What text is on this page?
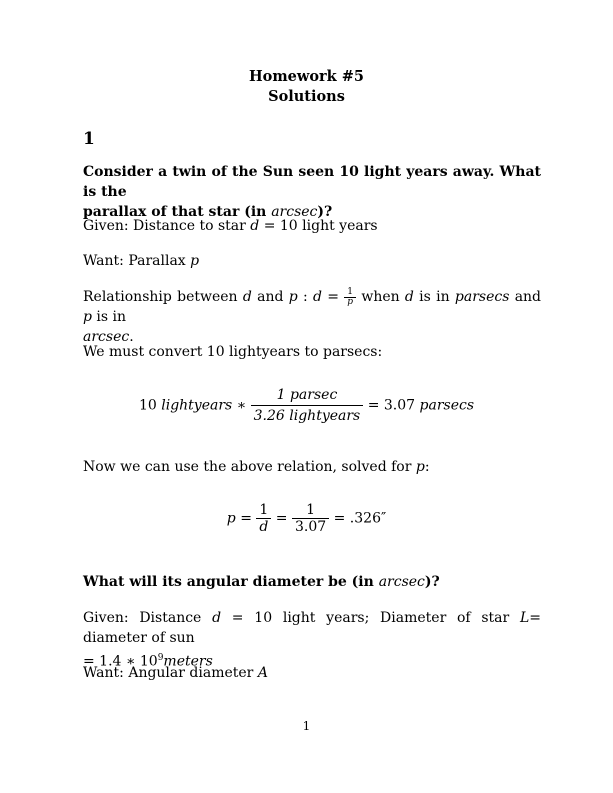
Homework #5
Solutions
1
Consider a twin of the Sun seen 10 light years away. What is the
parallax of that star (in arcsec)?
Given: Distance to star d = 10 light years
Want: Parallax p
Relationship between d and p : $d = \frac{1}{p}$ when d is in parsecs and p is in
arcsec.
We must convert 10 lightyears to parsecs:
10 lightyears ∗ $\frac{\text{1 parsec}}{\text{3.26 lightyears}} = 3.07$ parsecs
Now we can use the above relation, solved for p:
$p = \frac{1}{d} = \frac{1}{3.07} = .326''$
What will its angular diameter be (in arcsec)?
Given: Distance d = 10 light years; Diameter of star L= diameter of sun
= 1.4 ∗ $10^9meters$
Want: Angular diameter A
1
